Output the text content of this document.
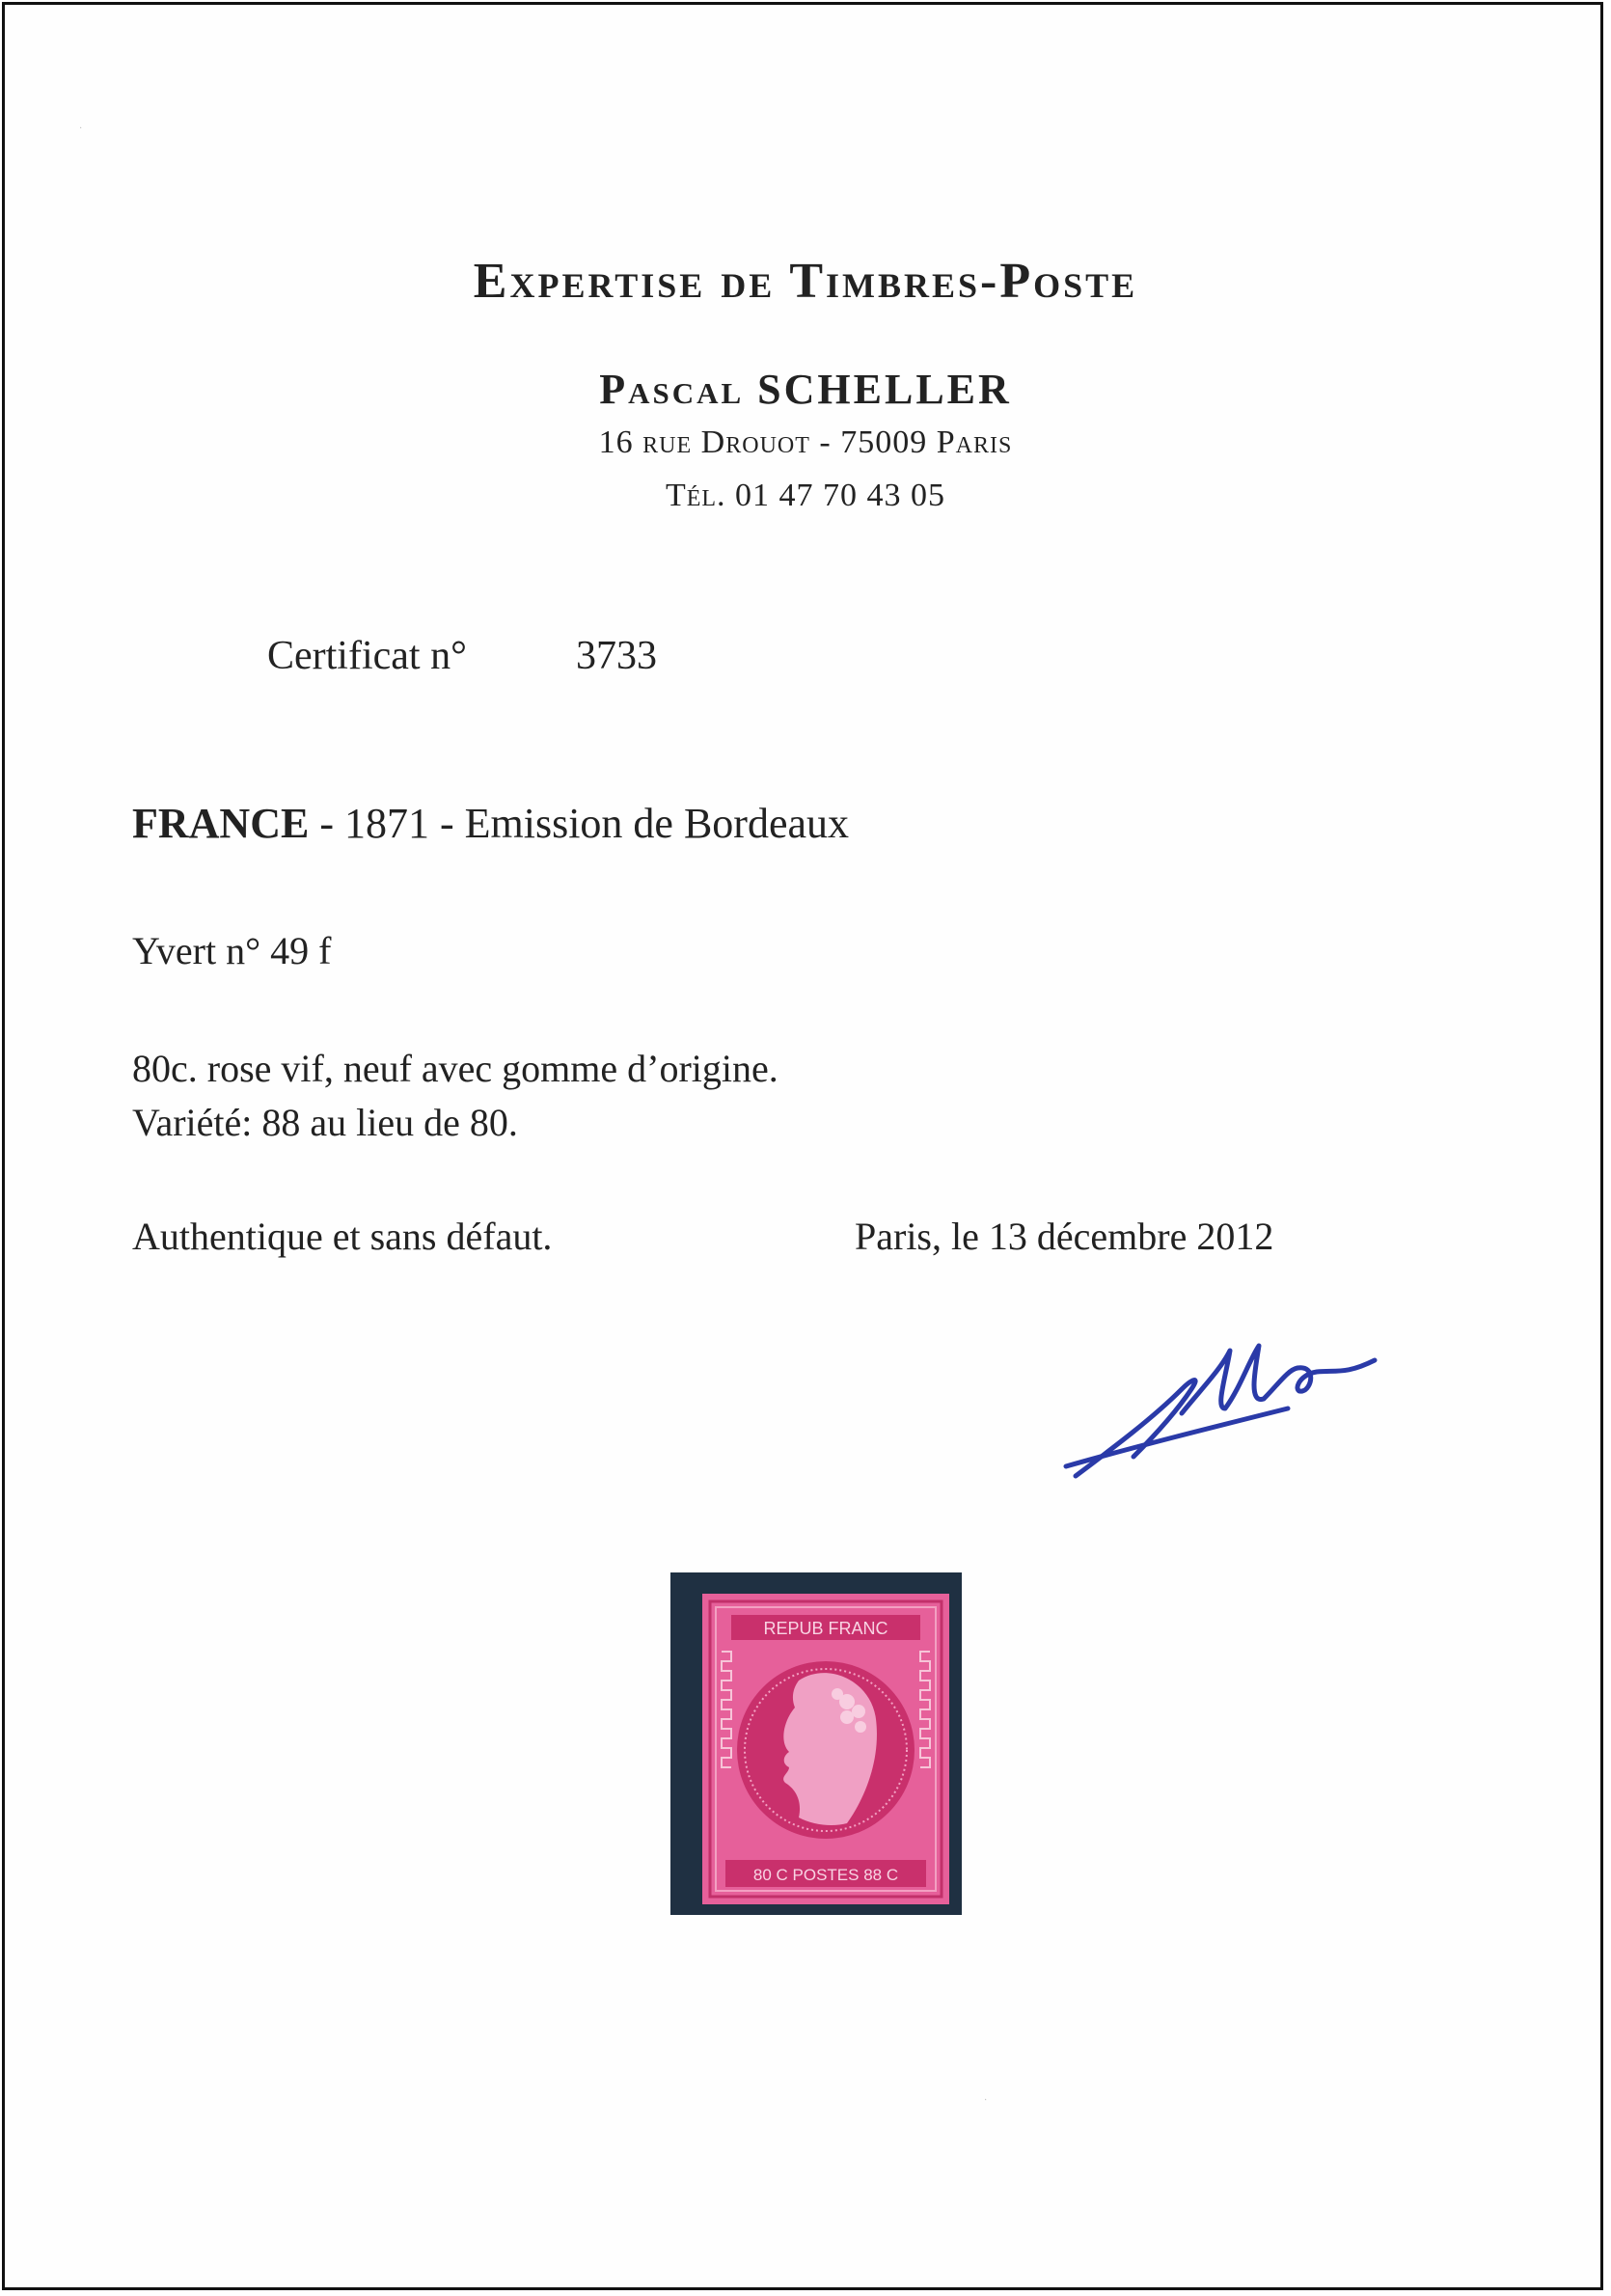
Expertise de Timbres-Poste
Pascal SCHELLER
16 rue Drouot - 75009 Paris
Tél. 01 47 70 43 05
Certificat n°	3733
FRANCE - 1871 - Emission de Bordeaux
Yvert n° 49 f
80c. rose vif, neuf avec gomme d’origine.
Variété: 88 au lieu de 80.
Authentique et sans défaut.	Paris, le 13 décembre 2012
REPUB FRANC
80 C POSTES 88 C
·
·
